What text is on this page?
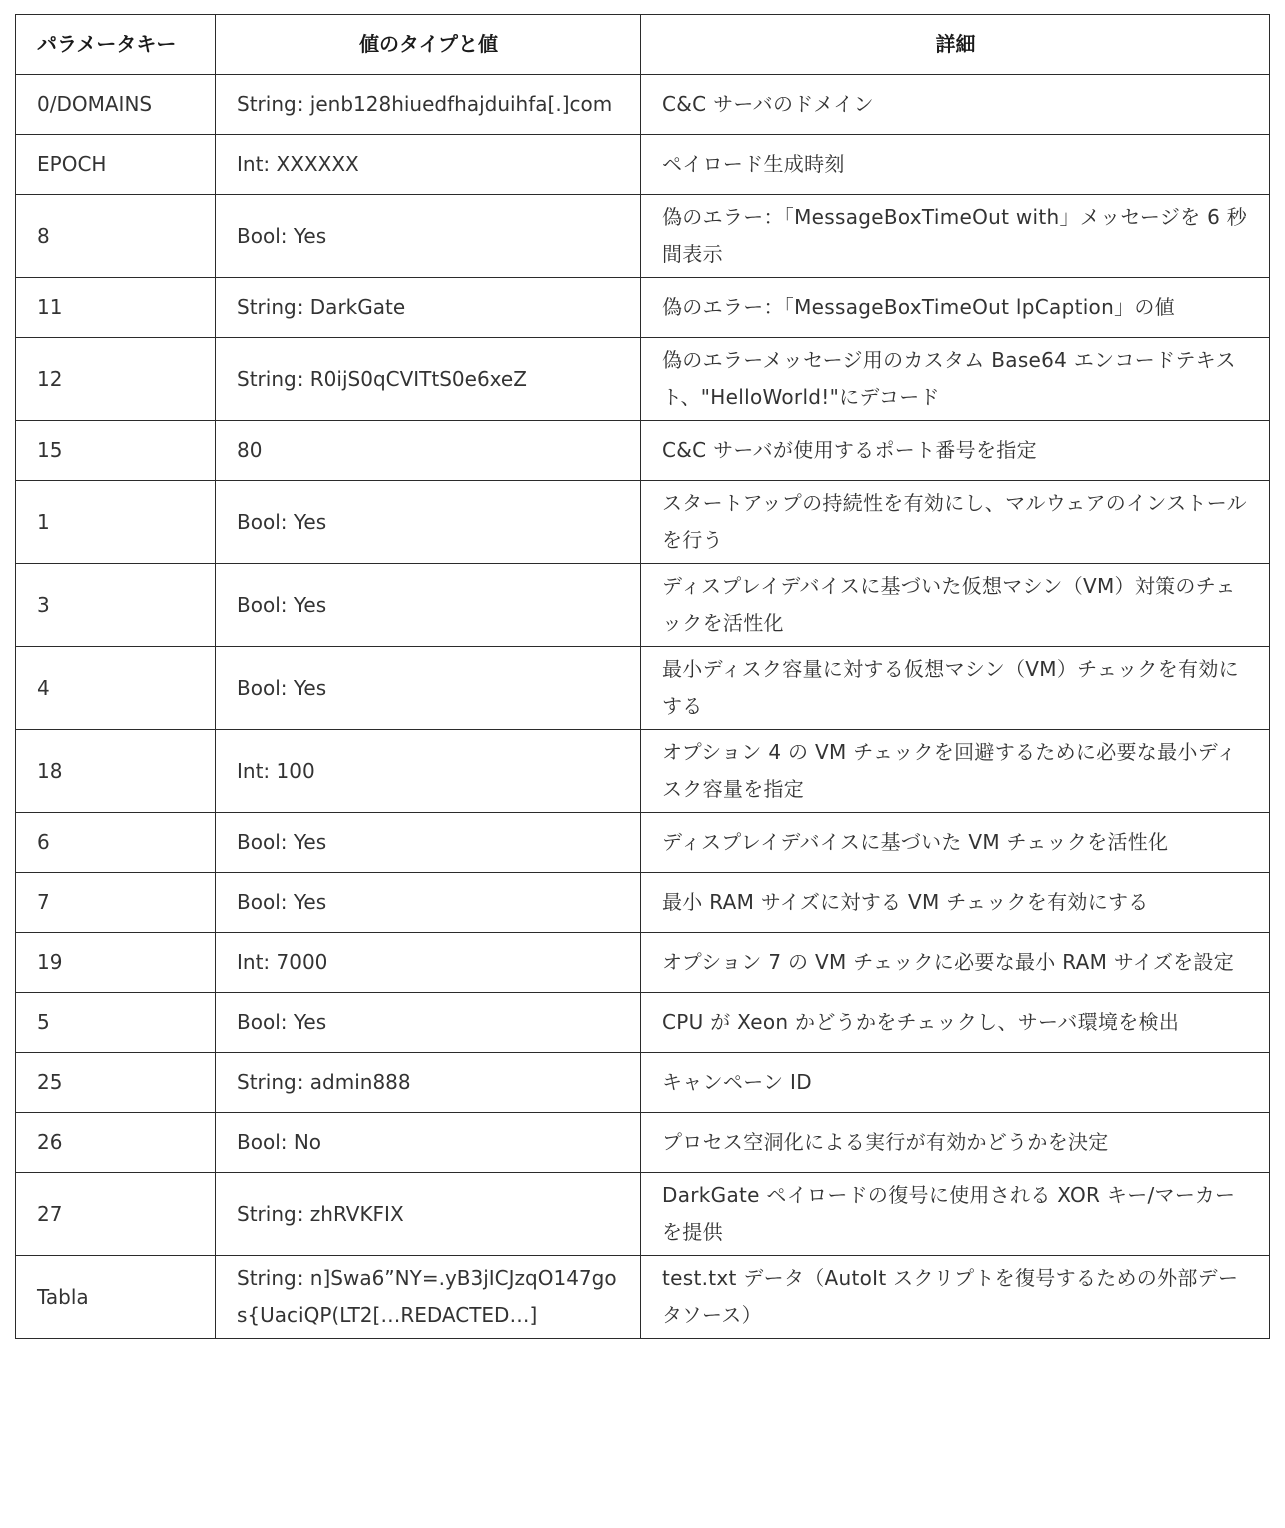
パラメータキー	値のタイプと値	詳細
0/DOMAINS	String: jenb128hiuedfhajduihfa[.]com	C&C サーバのドメイン
EPOCH	Int: XXXXXX	ペイロード生成時刻
8	Bool: Yes	偽のエラー：「MessageBoxTimeOut with」メッセージを 6 秒間表示
11	String: DarkGate	偽のエラー：「MessageBoxTimeOut lpCaption」の値
12	String: R0ijS0qCVITtS0e6xeZ	偽のエラーメッセージ用のカスタム Base64 エンコードテキスト、"HelloWorld!"にデコード
15	80	C&C サーバが使用するポート番号を指定
1	Bool: Yes	スタートアップの持続性を有効にし、マルウェアのインストールを行う
3	Bool: Yes	ディスプレイデバイスに基づいた仮想マシン（VM）対策のチェックを活性化
4	Bool: Yes	最小ディスク容量に対する仮想マシン（VM）チェックを有効にする
18	Int: 100	オプション 4 の VM チェックを回避するために必要な最小ディスク容量を指定
6	Bool: Yes	ディスプレイデバイスに基づいた VM チェックを活性化
7	Bool: Yes	最小 RAM サイズに対する VM チェックを有効にする
19	Int: 7000	オプション 7 の VM チェックに必要な最小 RAM サイズを設定
5	Bool: Yes	CPU が Xeon かどうかをチェックし、サーバ環境を検出
25	String: admin888	キャンペーン ID
26	Bool: No	プロセス空洞化による実行が有効かどうかを決定
27	String: zhRVKFIX	DarkGate ペイロードの復号に使用される XOR キー/マーカーを提供
Tabla	String: n]Swa6”NY=.yB3jICJzqO147gos{UaciQP(LT2[…REDACTED…]	test.txt データ（AutoIt スクリプトを復号するための外部データソース）
